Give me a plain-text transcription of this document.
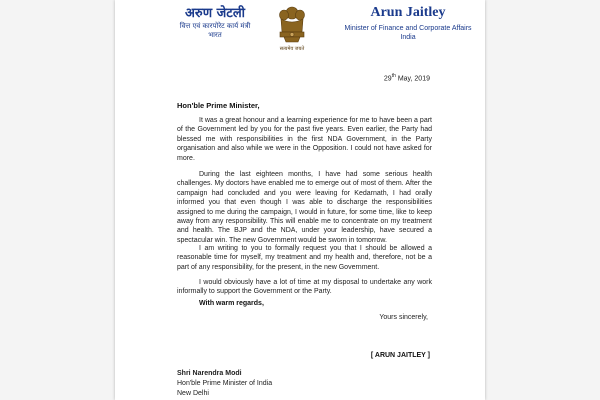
अरुण जेटली
वित्त एवं कारपोरेट कार्य मंत्री
भारत
सत्यमेव जयते
Arun Jaitley
Minister of Finance and Corporate Affairs
India
29th May, 2019
Hon'ble Prime Minister,

It was a great honour and a learning experience for me to have been a part of the Government led by you for the past five years. Even earlier, the Party had blessed me with responsibilities in the first NDA Government, in the Party organisation and also while we were in the Opposition. I could not have asked for more.

During the last eighteen months, I have had some serious health challenges. My doctors have enabled me to emerge out of most of them. After the campaign had concluded and you were leaving for Kedarnath, I had orally informed you that even though I was able to discharge the responsibilities assigned to me during the campaign, I would in future, for some time, like to keep away from any responsibility. This will enable me to concentrate on my treatment and health. The BJP and the NDA, under your leadership, have secured a spectacular win. The new Government would be sworn in tomorrow.

I am writing to you to formally request you that I should be allowed a reasonable time for myself, my treatment and my health and, therefore, not be a part of any responsibility, for the present, in the new Government.

I would obviously have a lot of time at my disposal to undertake any work informally to support the Government or the Party.

With warm regards,
Yours sincerely,
[ ARUN JAITLEY ]
Shri Narendra Modi
Hon'ble Prime Minister of India
New Delhi
